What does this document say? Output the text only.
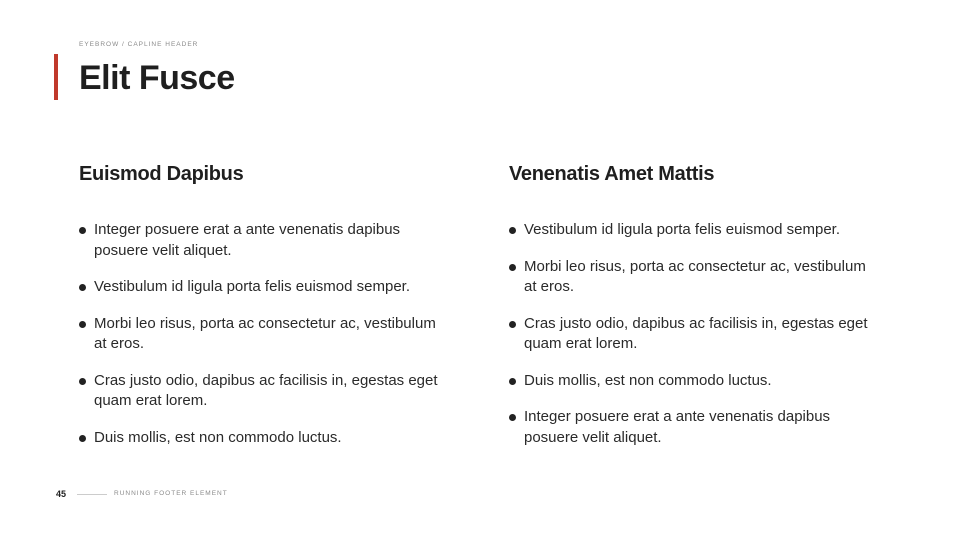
EYEBROW / CAPLINE HEADER
Elit Fusce
Euismod Dapibus
Integer posuere erat a ante venenatis dapibus posuere velit aliquet.
Vestibulum id ligula porta felis euismod semper.
Morbi leo risus, porta ac consectetur ac, vestibulum at eros.
Cras justo odio, dapibus ac facilisis in, egestas eget quam erat lorem.
Duis mollis, est non commodo luctus.
Venenatis Amet Mattis
Vestibulum id ligula porta felis euismod semper.
Morbi leo risus, porta ac consectetur ac, vestibulum at eros.
Cras justo odio, dapibus ac facilisis in, egestas eget quam erat lorem.
Duis mollis, est non commodo luctus.
Integer posuere erat a ante venenatis dapibus posuere velit aliquet.
45	RUNNING FOOTER ELEMENT
